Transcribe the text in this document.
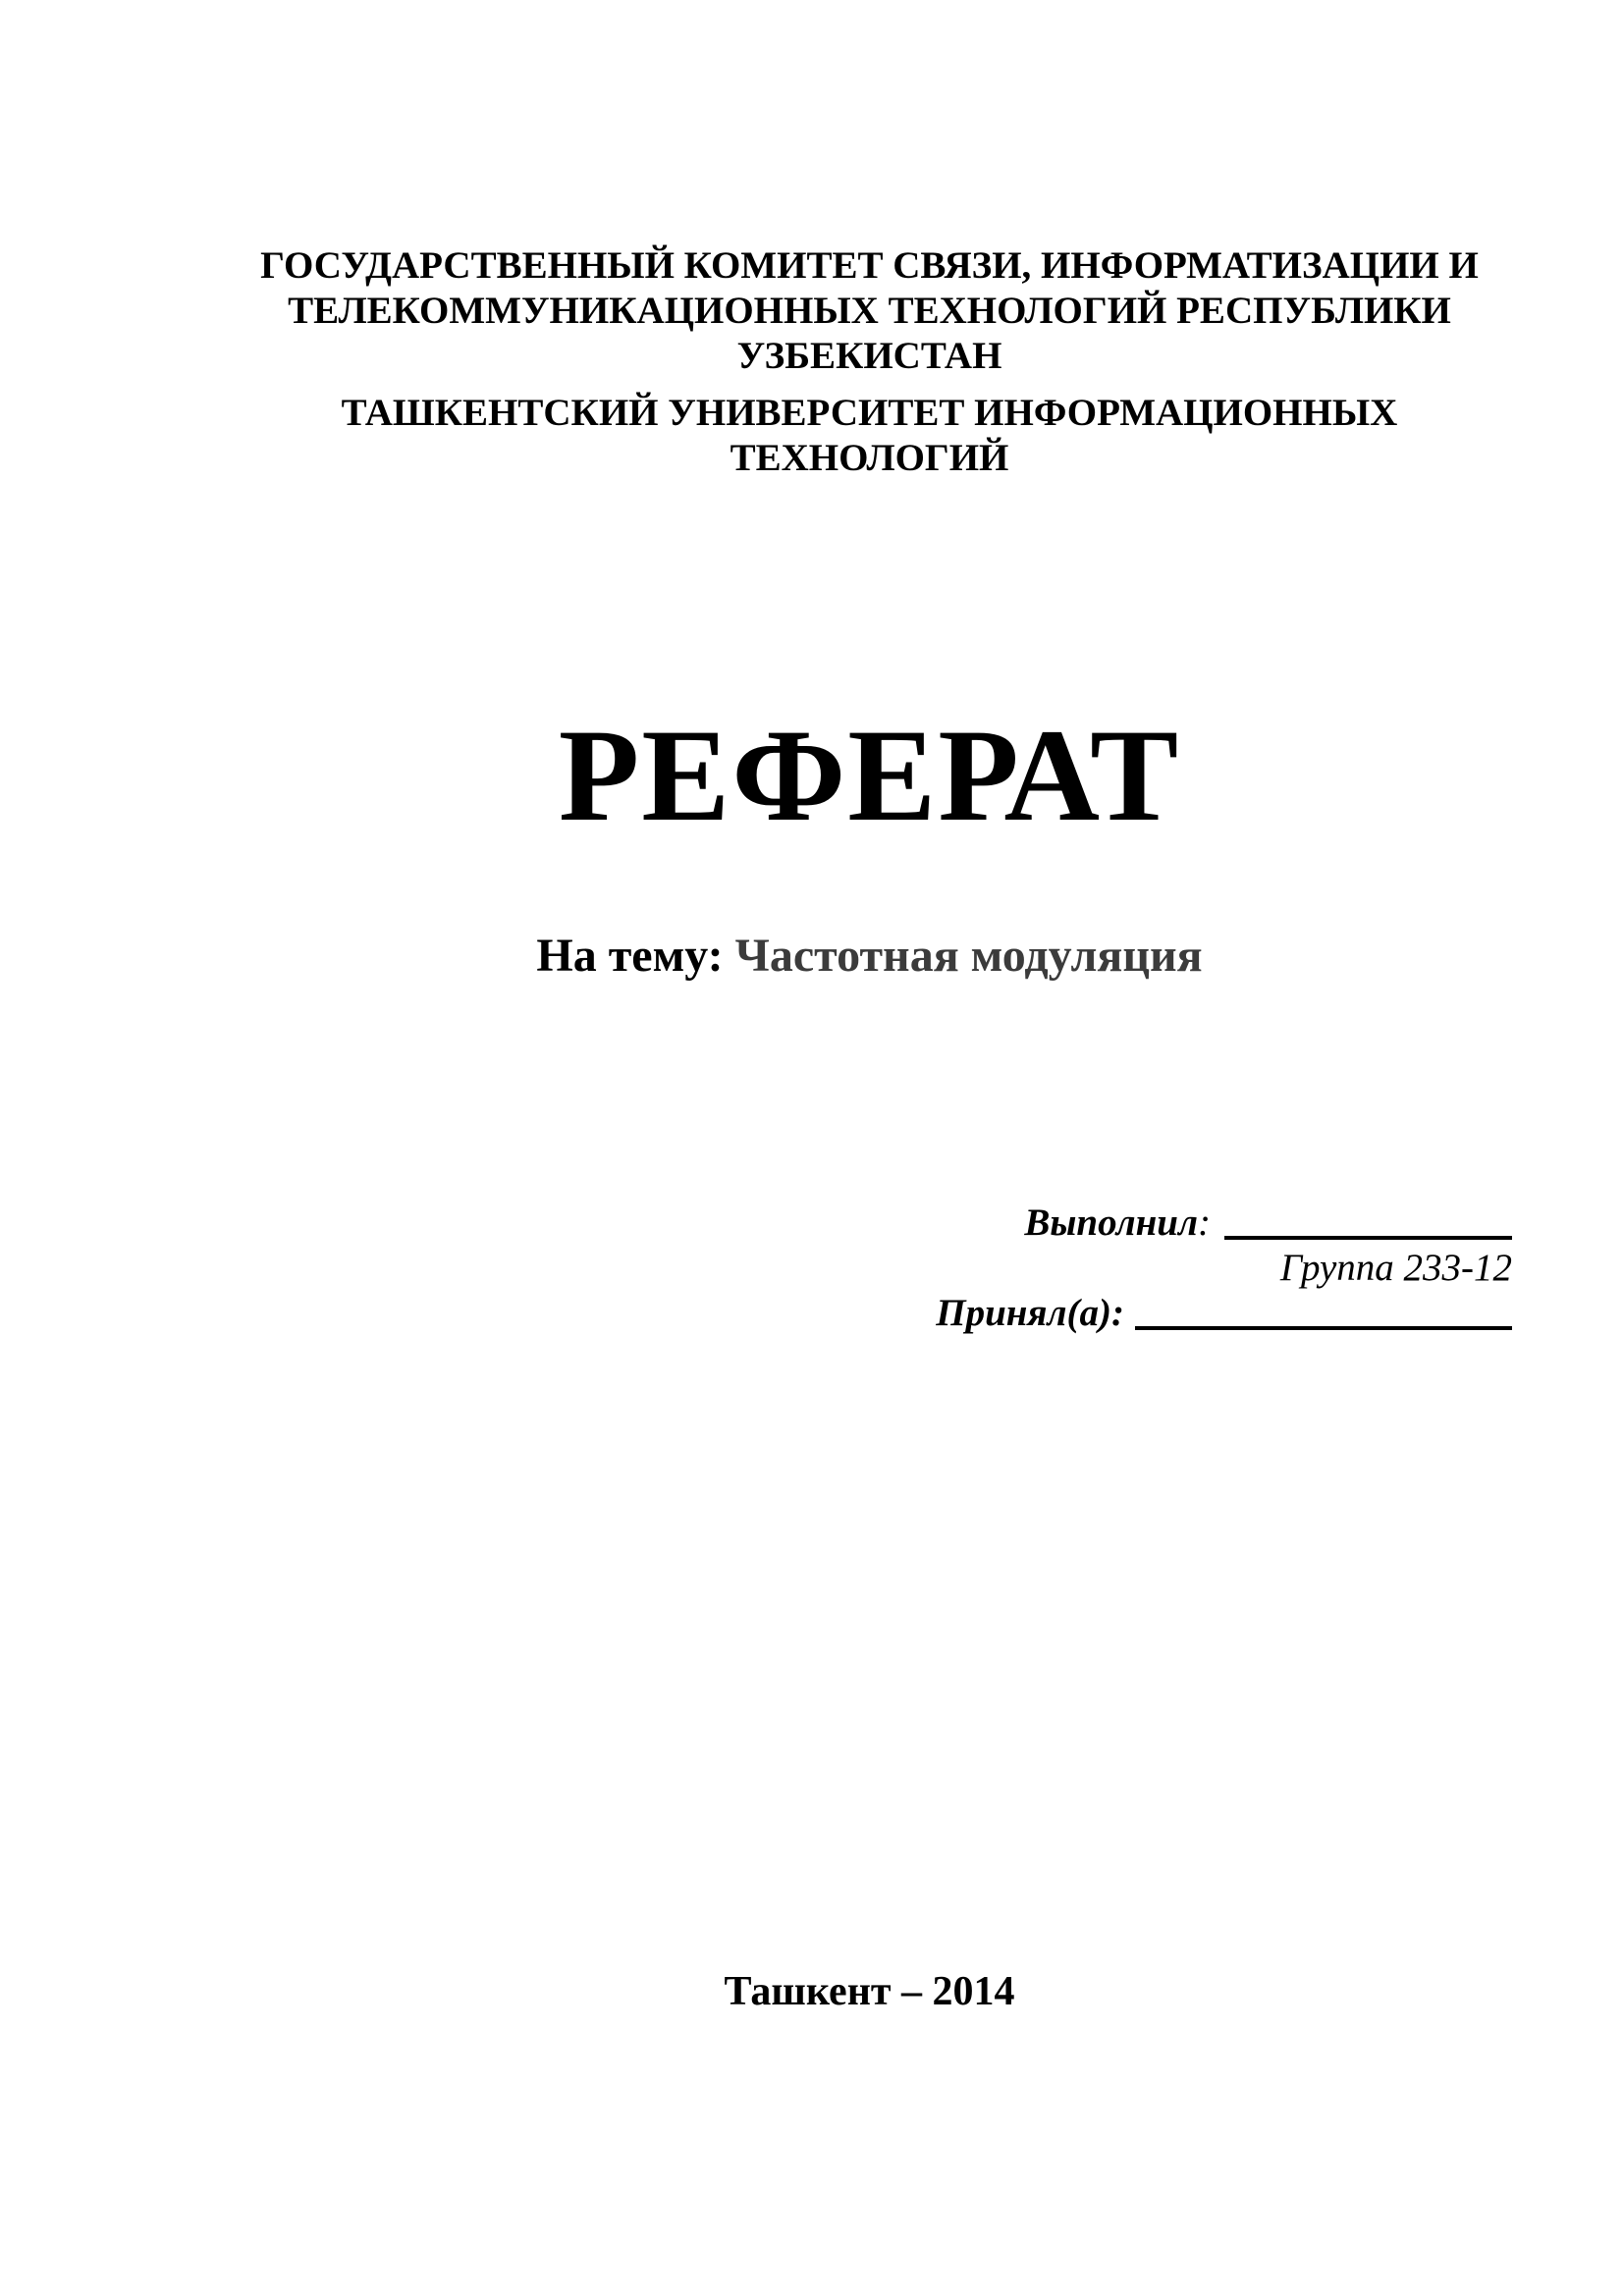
ГОСУДАРСТВЕННЫЙ КОМИТЕТ СВЯЗИ, ИНФОРМАТИЗАЦИИ И
ТЕЛЕКОММУНИКАЦИОННЫХ ТЕХНОЛОГИЙ РЕСПУБЛИКИ
УЗБЕКИСТАН
ТАШКЕНТСКИЙ УНИВЕРСИТЕТ ИНФОРМАЦИОННЫХ
ТЕХНОЛОГИЙ
РЕФЕРАТ
На тему: Частотная модуляция
Выполнил:
Группа 233-12
Принял(а):
Ташкент – 2014
